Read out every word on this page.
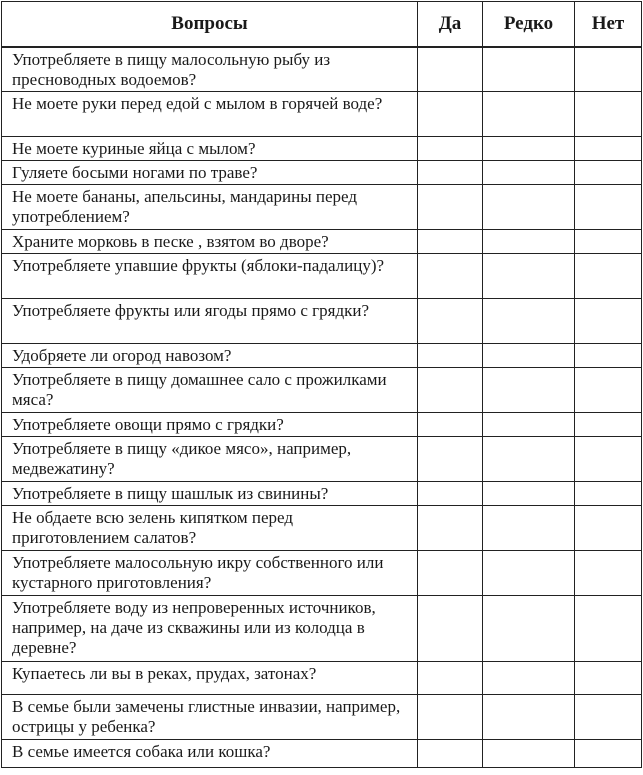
Вопросы	Да	Редко	Нет
Употребляете в пищу малосольную рыбу из пресноводных водоемов?			
Не моете руки перед едой с мылом в горячей воде?			
Не моете куриные яйца с мылом?			
Гуляете босыми ногами по траве?			
Не моете бананы, апельсины, мандарины перед употреблением?			
Храните морковь в песке , взятом во дворе?			
Употребляете упавшие фрукты (яблоки-падалицу)?			
Употребляете фрукты или ягоды прямо с грядки?			
Удобряете ли огород навозом?			
Употребляете в пищу домашнее сало с прожилками мяса?			
Употребляете овощи прямо с грядки?			
Употребляете в пищу «дикое мясо», например, медвежатину?			
Употребляете в пищу шашлык из свинины?			
Не обдаете всю зелень кипятком перед приготовлением салатов?			
Употребляете малосольную икру собственного или кустарного приготовления?			
Употребляете воду из непроверенных источников, например, на даче из скважины или из колодца в деревне?			
Купаетесь ли вы в реках, прудах, затонах?			
В семье были замечены глистные инвазии, например, острицы у ребенка?			
В семье имеется собака или кошка?			
